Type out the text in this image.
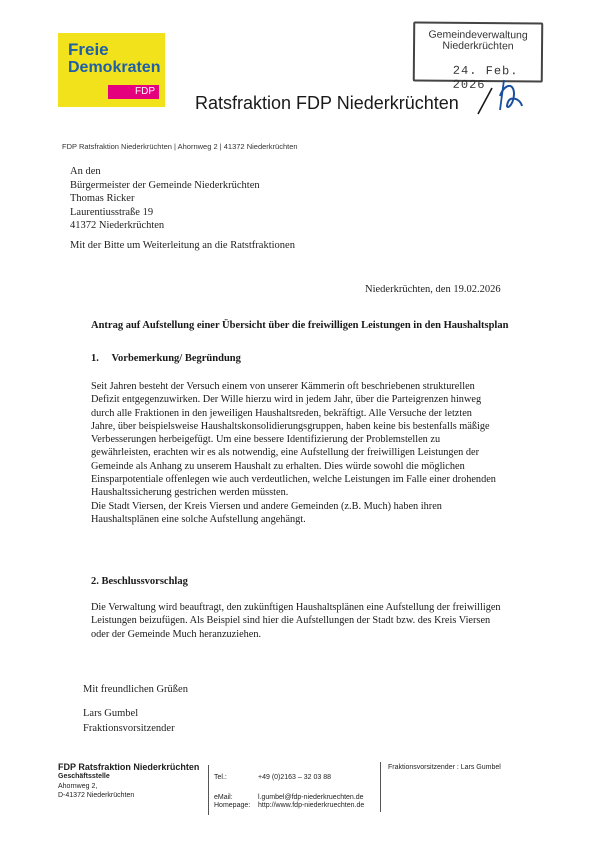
Freie
Demokraten
FDP
Ratsfraktion FDP Niederkrüchten
Gemeindeverwaltung
Niederkrüchten
24. Feb. 2026
FDP Ratsfraktion Niederkrüchten | Ahornweg 2 | 41372 Niederkrüchten
An den
Bürgermeister der Gemeinde Niederkrüchten
Thomas Ricker
Laurentiusstraße 19
41372 Niederkrüchten
Mit der Bitte um Weiterleitung an die Ratstfraktionen
Niederkrüchten, den 19.02.2026
Antrag auf Aufstellung einer Übersicht über die freiwilligen Leistungen in den Haushaltsplan
1. Vorbemerkung/ Begründung
Seit Jahren besteht der Versuch einem von unserer Kämmerin oft beschriebenen strukturellen
Defizit entgegenzuwirken. Der Wille hierzu wird in jedem Jahr, über die Parteigrenzen hinweg
durch alle Fraktionen in den jeweiligen Haushaltsreden, bekräftigt. Alle Versuche der letzten
Jahre, über beispielsweise Haushaltskonsolidierungsgruppen, haben keine bis bestenfalls mäßige
Verbesserungen herbeigefügt. Um eine bessere Identifizierung der Problemstellen zu
gewährleisten, erachten wir es als notwendig, eine Aufstellung der freiwilligen Leistungen der
Gemeinde als Anhang zu unserem Haushalt zu erhalten. Dies würde sowohl die möglichen
Einsparpotentiale offenlegen wie auch verdeutlichen, welche Leistungen im Falle einer drohenden
Haushaltssicherung gestrichen werden müssten.
Die Stadt Viersen, der Kreis Viersen und andere Gemeinden (z.B. Much) haben ihren
Haushaltsplänen eine solche Aufstellung angehängt.
2. Beschlussvorschlag
Die Verwaltung wird beauftragt, den zukünftigen Haushaltsplänen eine Aufstellung der freiwilligen
Leistungen beizufügen. Als Beispiel sind hier die Aufstellungen der Stadt bzw. des Kreis Viersen
oder der Gemeinde Much heranzuziehen.
Mit freundlichen Grüßen
Lars Gumbel
Fraktionsvorsitzender
FDP Ratsfraktion Niederkrüchten
Geschäftsstelle
Ahornweg 2,
D-41372 Niederkrüchten
Tel.:	+49 (0)2163 – 32 03 88
eMail:	l.gumbel@fdp-niederkruechten.de
Homepage: http://www.fdp-niederkruechten.de
Fraktionsvorsitzender : Lars Gumbel
